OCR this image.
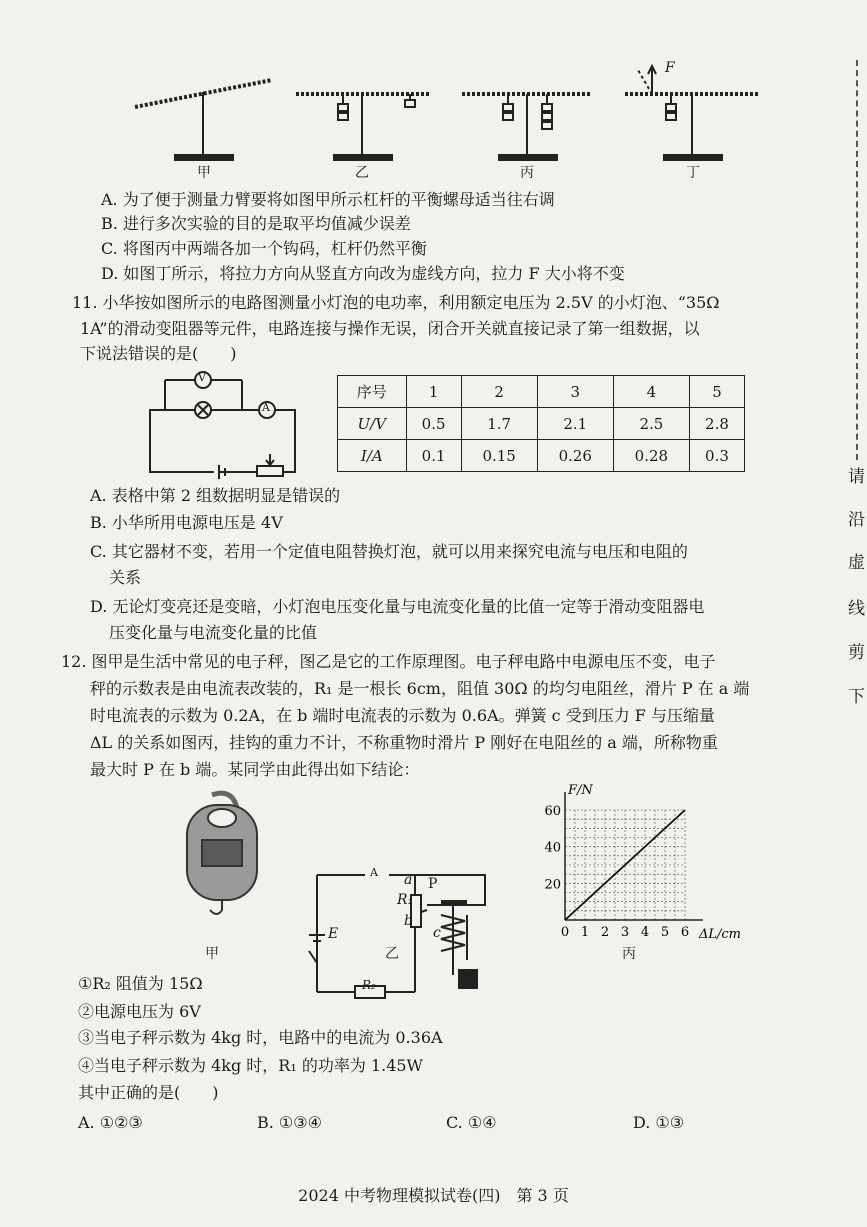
F
甲	乙	丙	丁
A. 为了便于测量力臂要将如图甲所示杠杆的平衡螺母适当往右调
B. 进行多次实验的目的是取平均值减少误差
C. 将图丙中两端各加一个钩码，杠杆仍然平衡
D. 如图丁所示，将拉力方向从竖直方向改为虚线方向，拉力 F 大小将不变
11. 小华按如图所示的电路图测量小灯泡的电功率，利用额定电压为 2.5V 的小灯泡、“35Ω
1A”的滑动变阻器等元件，电路连接与操作无误，闭合开关就直接记录了第一组数据，以
下说法错误的是(　　)
V
A
序号	1	2	3	4	5
U/V	0.5	1.7	2.1	2.5	2.8
I/A	0.1	0.15	0.26	0.28	0.3
A. 表格中第 2 组数据明显是错误的
B. 小华所用电源电压是 4V
C. 其它器材不变，若用一个定值电阻替换灯泡，就可以用来探究电流与电压和电阻的
关系
D. 无论灯变亮还是变暗，小灯泡电压变化量与电流变化量的比值一定等于滑动变阻器电
压变化量与电流变化量的比值
12. 图甲是生活中常见的电子秤，图乙是它的工作原理图。电子秤电路中电源电压不变，电子
秤的示数表是由电流表改装的，R₁ 是一根长 6cm，阻值 30Ω 的均匀电阻丝，滑片 P 在 a 端
时电流表的示数为 0.2A，在 b 端时电流表的示数为 0.6A。弹簧 c 受到压力 F 与压缩量
ΔL 的关系如图丙，挂钩的重力不计，不称重物时滑片 P 刚好在电阻丝的 a 端，所称物重
最大时 P 在 b 端。某同学由此得出如下结论：
A
E
R₁
R₂
a
b
P
c	0 1 2 3 4 5 6
20
40
60
ΔL/cm
F/N
甲	乙	丙
①R₂ 阻值为 15Ω
②电源电压为 6V
③当电子秤示数为 4kg 时，电路中的电流为 0.36A
④当电子秤示数为 4kg 时，R₁ 的功率为 1.45W
其中正确的是(　　)
A. ①②③	B. ①③④	C. ①④	D. ①③
请
沿
虚
线
剪
下
2024 中考物理模拟试卷(四)　第 3 页
